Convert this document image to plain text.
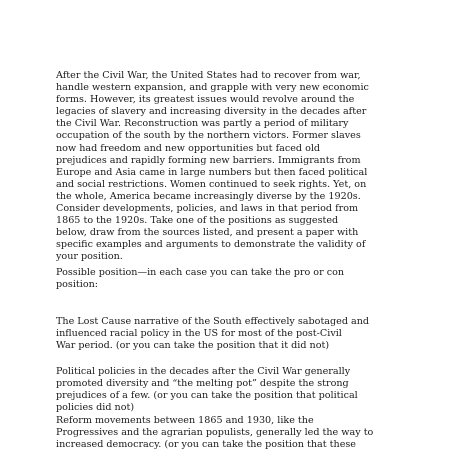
After the Civil War, the United States had to recover from war,
handle western expansion, and grapple with very new economic
forms. However, its greatest issues would revolve around the
legacies of slavery and increasing diversity in the decades after
the Civil War. Reconstruction was partly a period of military
occupation of the south by the northern victors. Former slaves
now had freedom and new opportunities but faced old
prejudices and rapidly forming new barriers. Immigrants from
Europe and Asia came in large numbers but then faced political
and social restrictions. Women continued to seek rights. Yet, on
the whole, America became increasingly diverse by the 1920s.
Consider developments, policies, and laws in that period from
1865 to the 1920s. Take one of the positions as suggested
below, draw from the sources listed, and present a paper with
specific examples and arguments to demonstrate the validity of
your position.
Possible position—in each case you can take the pro or con
position:
The Lost Cause narrative of the South effectively sabotaged and
influenced racial policy in the US for most of the post-Civil
War period. (or you can take the position that it did not)
Political policies in the decades after the Civil War generally
promoted diversity and “the melting pot” despite the strong
prejudices of a few. (or you can take the position that political
policies did not)
Reform movements between 1865 and 1930, like the
Progressives and the agrarian populists, generally led the way to
increased democracy. (or you can take the position that these
